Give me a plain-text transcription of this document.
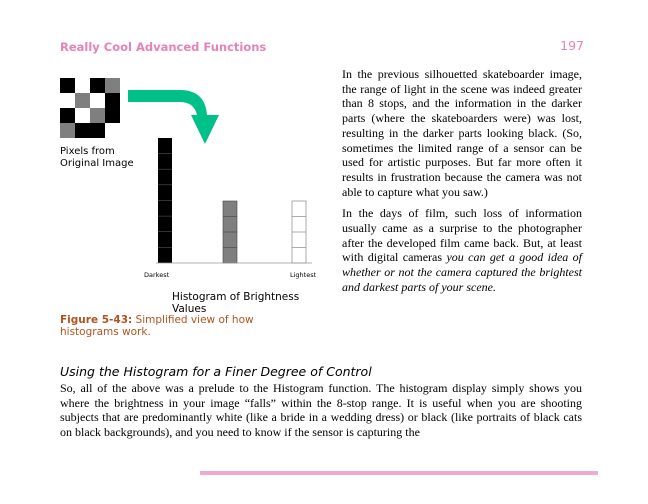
Really Cool Advanced Functions	197
Pixels from
Original Image
Darkest	Lightest
Histogram of Brightness Values
Figure 5-43: Simplified view of how histograms work.

In the previous silhouetted skateboarder image, the range of light in the scene was indeed greater than 8 stops, and the information in the darker parts (where the skateboarders were) was lost, resulting in the darker parts looking black. (So, sometimes the limited range of a sensor can be used for artistic purposes. But far more often it results in frustration because the camera was not able to capture what you saw.)

In the days of film, such loss of information usually came as a surprise to the photographer after the developed film came back. But, at least with digital cameras you can get a good idea of whether or not the camera captured the brightest and darkest parts of your scene.

Using the Histogram for a Finer Degree of Control

So, all of the above was a prelude to the Histogram function. The histogram display simply shows you where the brightness in your image “falls” within the 8-stop range. It is useful when you are shooting subjects that are predominantly white (like a bride in a wedding dress) or black (like portraits of black cats on black backgrounds), and you need to know if the sensor is capturing the
